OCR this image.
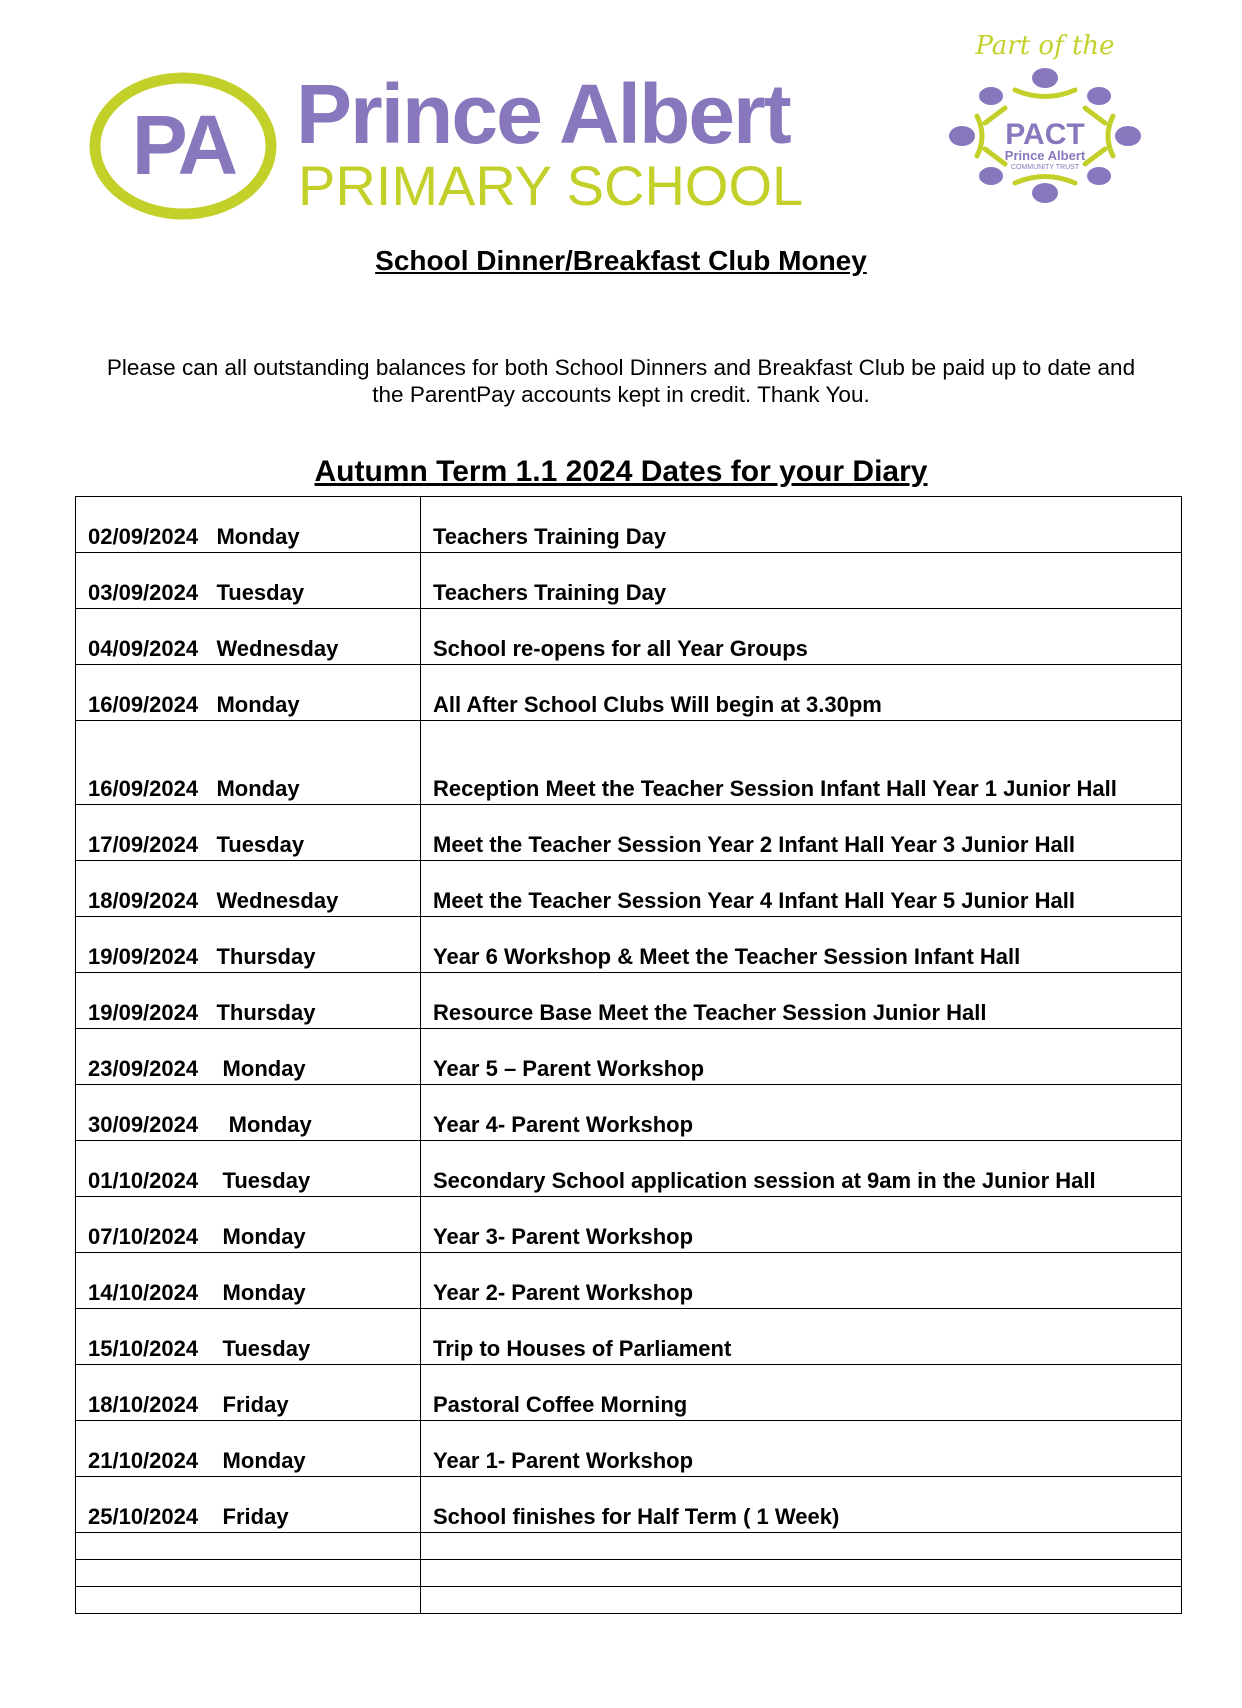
PA Prince Albert
PRIMARY SCHOOL
Part of the
PACT
Prince Albert
COMMUNITY TRUST
School Dinner/Breakfast Club Money
Please can all outstanding balances for both School Dinners and Breakfast Club be paid up to date and
the ParentPay accounts kept in credit. Thank You.
Autumn Term 1.1 2024 Dates for your Diary
02/09/2024   Monday	Teachers Training Day
03/09/2024   Tuesday	Teachers Training Day
04/09/2024   Wednesday	School re-opens for all Year Groups
16/09/2024   Monday	All After School Clubs Will begin at 3.30pm
16/09/2024   Monday	Reception Meet the Teacher Session Infant Hall Year 1 Junior Hall
17/09/2024   Tuesday	Meet the Teacher Session Year 2 Infant Hall Year 3 Junior Hall
18/09/2024   Wednesday	Meet the Teacher Session Year 4 Infant Hall Year 5 Junior Hall
19/09/2024   Thursday	Year 6 Workshop & Meet the Teacher Session Infant Hall
19/09/2024   Thursday	Resource Base Meet the Teacher Session Junior Hall
23/09/2024    Monday	Year 5 – Parent Workshop
30/09/2024     Monday	Year 4- Parent Workshop
01/10/2024    Tuesday	Secondary School application session at 9am in the Junior Hall
07/10/2024    Monday	Year 3- Parent Workshop
14/10/2024    Monday	Year 2- Parent Workshop
15/10/2024    Tuesday	Trip to Houses of Parliament
18/10/2024    Friday	Pastoral Coffee Morning
21/10/2024    Monday	Year 1- Parent Workshop
25/10/2024    Friday	School finishes for Half Term ( 1 Week)
